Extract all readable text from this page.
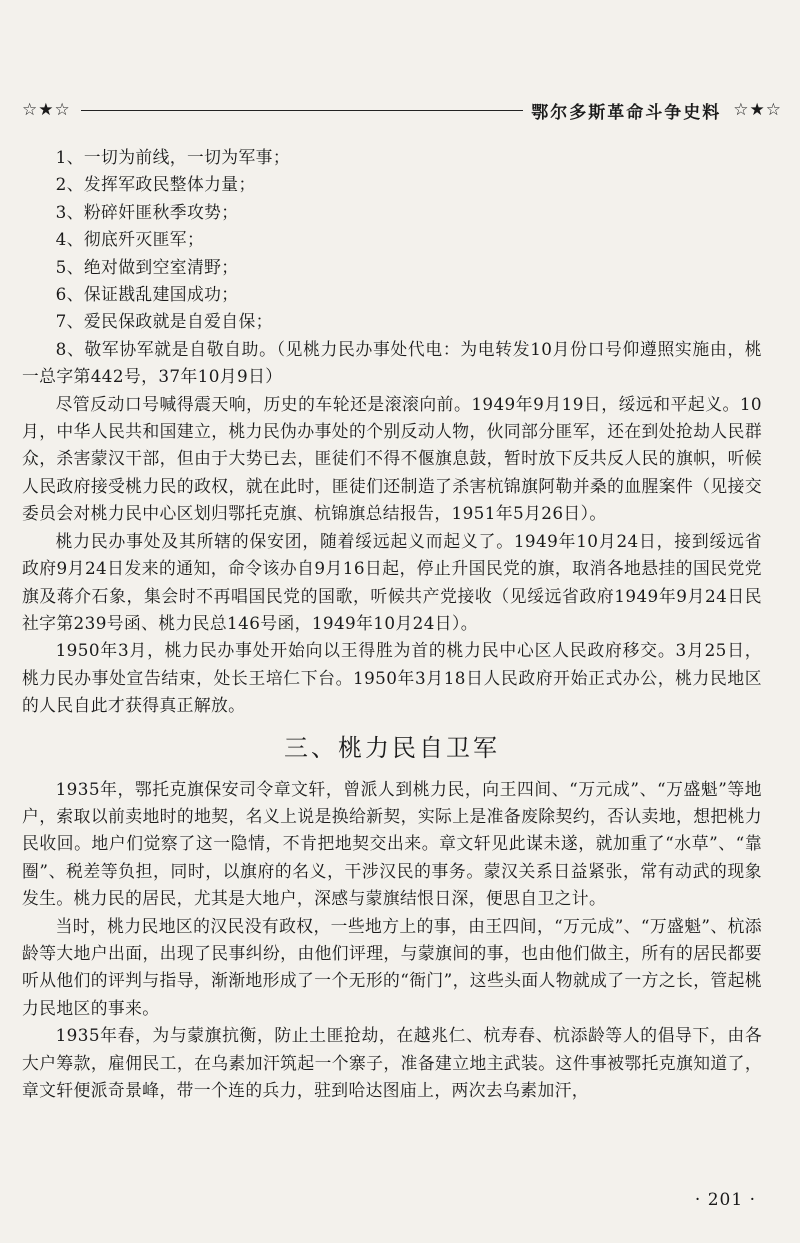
☆★☆	鄂尔多斯革命斗争史料 ☆★☆

1、一切为前线，一切为军事；

2、发挥军政民整体力量；

3、粉碎奸匪秋季攻势；

4、彻底歼灭匪军；

5、绝对做到空室清野；

6、保证戡乱建国成功；

7、爱民保政就是自爱自保；

8、敬军协军就是自敬自助。（见桃力民办事处代电：为电转发10月份口号仰遵照实施由，桃一总字第442号，37年10月9日）

尽管反动口号喊得震天响，历史的车轮还是滚滚向前。1949年9月19日，绥远和平起义。10月，中华人民共和国建立，桃力民伪办事处的个别反动人物，伙同部分匪军，还在到处抢劫人民群众，杀害蒙汉干部，但由于大势已去，匪徒们不得不偃旗息鼓，暂时放下反共反人民的旗帜，听候人民政府接受桃力民的政权，就在此时，匪徒们还制造了杀害杭锦旗阿勒并桑的血腥案件（见接交委员会对桃力民中心区划归鄂托克旗、杭锦旗总结报告，1951年5月26日）。

桃力民办事处及其所辖的保安团，随着绥远起义而起义了。1949年10月24日，接到绥远省政府9月24日发来的通知，命令该办自9月16日起，停止升国民党的旗，取消各地悬挂的国民党党旗及蒋介石象，集会时不再唱国民党的国歌，听候共产党接收（见绥远省政府1949年9月24日民社字第239号函、桃力民总146号函，1949年10月24日）。

1950年3月，桃力民办事处开始向以王得胜为首的桃力民中心区人民政府移交。3月25日，桃力民办事处宣告结束，处长王培仁下台。1950年3月18日人民政府开始正式办公，桃力民地区的人民自此才获得真正解放。

三、桃力民自卫军

1935年，鄂托克旗保安司令章文轩，曾派人到桃力民，向王四间、“万元成”、“万盛魁”等地户，索取以前卖地时的地契，名义上说是换给新契，实际上是准备废除契约，否认卖地，想把桃力民收回。地户们觉察了这一隐情，不肯把地契交出来。章文轩见此谋未遂，就加重了“水草”、“靠圈”、税差等负担，同时，以旗府的名义，干涉汉民的事务。蒙汉关系日益紧张，常有动武的现象发生。桃力民的居民，尤其是大地户，深感与蒙旗结恨日深，便思自卫之计。

当时，桃力民地区的汉民没有政权，一些地方上的事，由王四间，“万元成”、“万盛魁”、杭添龄等大地户出面，出现了民事纠纷，由他们评理，与蒙旗间的事，也由他们做主，所有的居民都要听从他们的评判与指导，渐渐地形成了一个无形的“衙门”，这些头面人物就成了一方之长，管起桃力民地区的事来。

1935年春，为与蒙旗抗衡，防止土匪抢劫，在越兆仁、杭寿春、杭添龄等人的倡导下，由各大户筹款，雇佣民工，在乌素加汗筑起一个寨子，准备建立地主武装。这件事被鄂托克旗知道了，章文轩便派奇景峰，带一个连的兵力，驻到哈达图庙上，两次去乌素加汗，

· 201 ·
